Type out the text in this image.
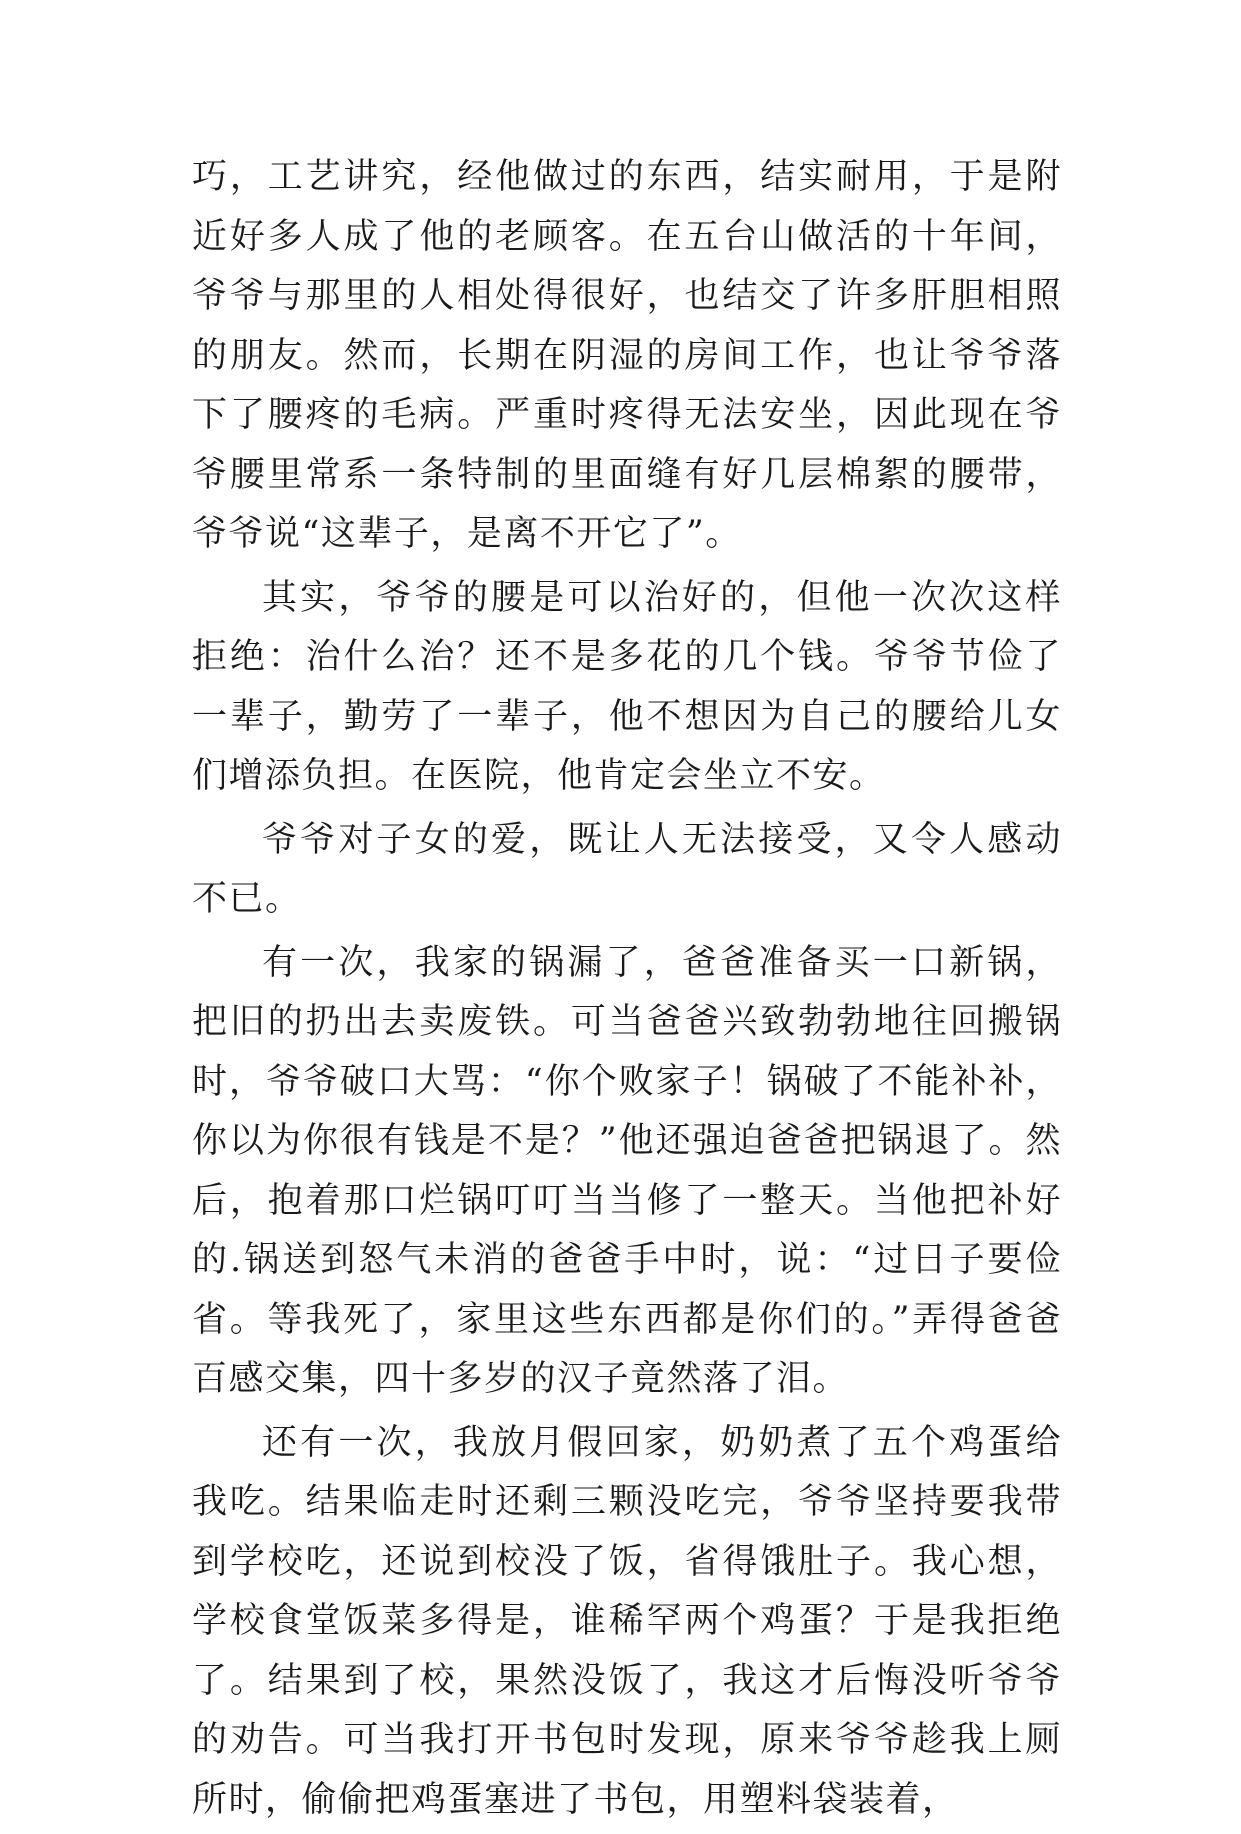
巧，工艺讲究，经他做过的东西，结实耐用，于是附近好多人成了他的老顾客。在五台山做活的十年间，爷爷与那里的人相处得很好，也结交了许多肝胆相照的朋友。然而，长期在阴湿的房间工作，也让爷爷落下了腰疼的毛病。严重时疼得无法安坐，因此现在爷爷腰里常系一条特制的里面缝有好几层棉絮的腰带，爷爷说“这辈子，是离不开它了”。

其实，爷爷的腰是可以治好的，但他一次次这样拒绝：治什么治？还不是多花的几个钱。爷爷节俭了一辈子，勤劳了一辈子，他不想因为自己的腰给儿女们增添负担。在医院，他肯定会坐立不安。

爷爷对子女的爱，既让人无法接受，又令人感动不已。

有一次，我家的锅漏了，爸爸准备买一口新锅，把旧的扔出去卖废铁。可当爸爸兴致勃勃地往回搬锅时，爷爷破口大骂：“你个败家子！锅破了不能补补，你以为你很有钱是不是？”他还强迫爸爸把锅退了。然后，抱着那口烂锅叮叮当当修了一整天。当他把补好的.锅送到怒气未消的爸爸手中时，说：“过日子要俭省。等我死了，家里这些东西都是你们的。”弄得爸爸百感交集，四十多岁的汉子竟然落了泪。

还有一次，我放月假回家，奶奶煮了五个鸡蛋给我吃。结果临走时还剩三颗没吃完，爷爷坚持要我带到学校吃，还说到校没了饭，省得饿肚子。我心想，学校食堂饭菜多得是，谁稀罕两个鸡蛋？于是我拒绝了。结果到了校，果然没饭了，我这才后悔没听爷爷的劝告。可当我打开书包时发现，原来爷爷趁我上厕所时，偷偷把鸡蛋塞进了书包，用塑料袋装着，
